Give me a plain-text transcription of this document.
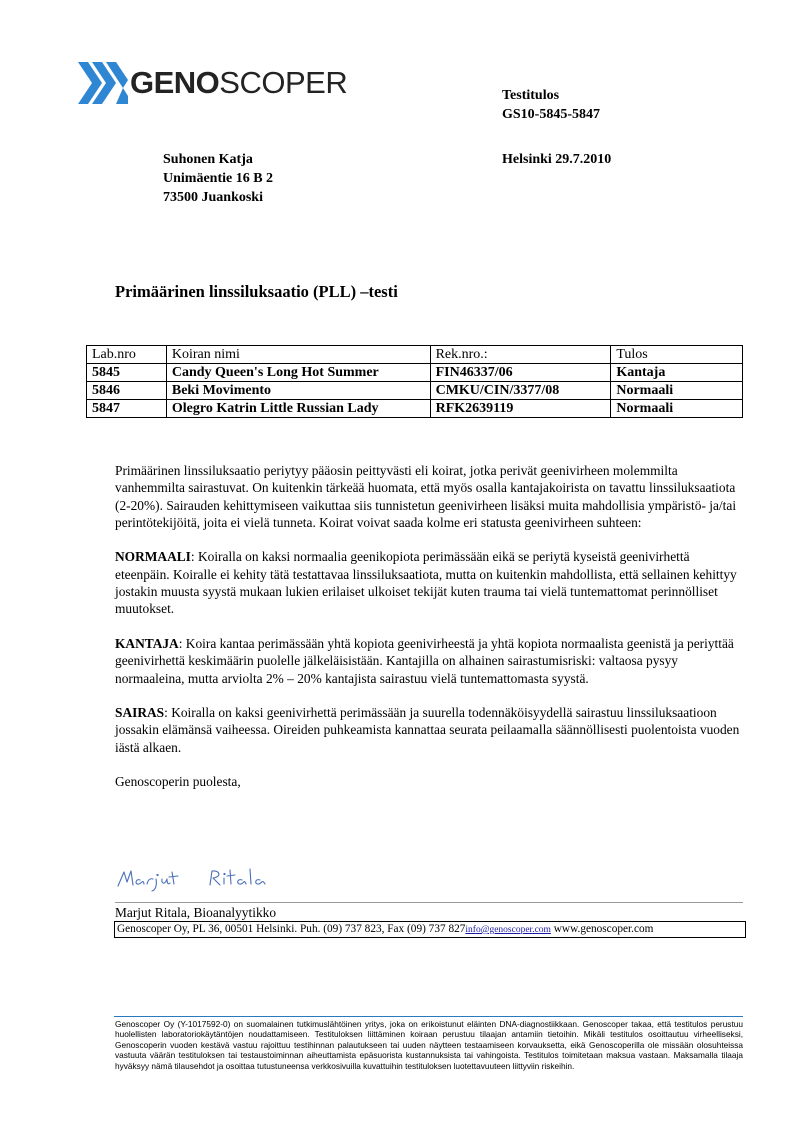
GENOSCOPER	Testitulos
GS10-5845-5847
Suhonen Katja
Unimäentie 16 B 2
73500 Juankoski
Helsinki 29.7.2010
Primäärinen linssiluksaatio (PLL) –testi
Lab.nro	Koiran nimi	Rek.nro.:	Tulos
5845	Candy Queen's Long Hot Summer	FIN46337/06	Kantaja
5846	Beki Movimento	CMKU/CIN/3377/08	Normaali
5847	Olegro Katrin Little Russian Lady	RFK2639119	Normaali

Primäärinen linssiluksaatio periytyy pääosin peittyvästi eli koirat, jotka perivät geenivirheen molemmilta vanhemmilta sairastuvat. On kuitenkin tärkeää huomata, että myös osalla kantajakoirista on tavattu linssiluksaatiota (2-20%). Sairauden kehittymiseen vaikuttaa siis tunnistetun geenivirheen lisäksi muita mahdollisia ympäristö- ja/tai perintötekijöitä, joita ei vielä tunneta. Koirat voivat saada kolme eri statusta geenivirheen suhteen:

NORMAALI: Koiralla on kaksi normaalia geenikopiota perimässään eikä se periytä kyseistä geenivirhettä eteenpäin. Koiralle ei kehity tätä testattavaa linssiluksaatiota, mutta on kuitenkin mahdollista, että sellainen kehittyy jostakin muusta syystä mukaan lukien erilaiset ulkoiset tekijät kuten trauma tai vielä tuntemattomat perinnölliset muutokset.

KANTAJA: Koira kantaa perimässään yhtä kopiota geenivirheestä ja yhtä kopiota normaalista geenistä ja periyttää geenivirhettä keskimäärin puolelle jälkeläisistään. Kantajilla on alhainen sairastumisriski: valtaosa pysyy normaaleina, mutta arviolta 2% – 20% kantajista sairastuu vielä tuntemattomasta syystä.

SAIRAS: Koiralla on kaksi geenivirhettä perimässään ja suurella todennäköisyydellä sairastuu linssiluksaatioon jossakin elämänsä vaiheessa. Oireiden puhkeamista kannattaa seurata peilaamalla säännöllisesti puolentoista vuoden iästä alkaen.

Genoscoperin puolesta,

Marjut Ritala, Bioanalyytikko
Genoscoper Oy, PL 36, 00501 Helsinki. Puh. (09) 737 823, Fax (09) 737 827info@genoscoper.com www.genoscoper.com
Genoscoper Oy (Y-1017592-0) on suomalainen tutkimuslähtöinen yritys, joka on erikoistunut eläinten DNA-diagnostiikkaan. Genoscoper takaa, että testitulos perustuu huolellisten laboratoriokäytäntöjen noudattamiseen. Testituloksen liittäminen koiraan perustuu tilaajan antamiin tietoihin. Mikäli testitulos osoittautuu virheelliseksi, Genoscoperin vuoden kestävä vastuu rajoittuu testihinnan palautukseen tai uuden näytteen testaamiseen korvauksetta, eikä Genoscoperilla ole missään olosuhteissa vastuuta väärän testituloksen tai testaustoiminnan aiheuttamista epäsuorista kustannuksista tai vahingoista. Testitulos toimitetaan maksua vastaan. Maksamalla tilaaja hyväksyy nämä tilausehdot ja osoittaa tutustuneensa verkkosivuilla kuvattuihin testituloksen luotettavuuteen liittyviin riskeihin.
